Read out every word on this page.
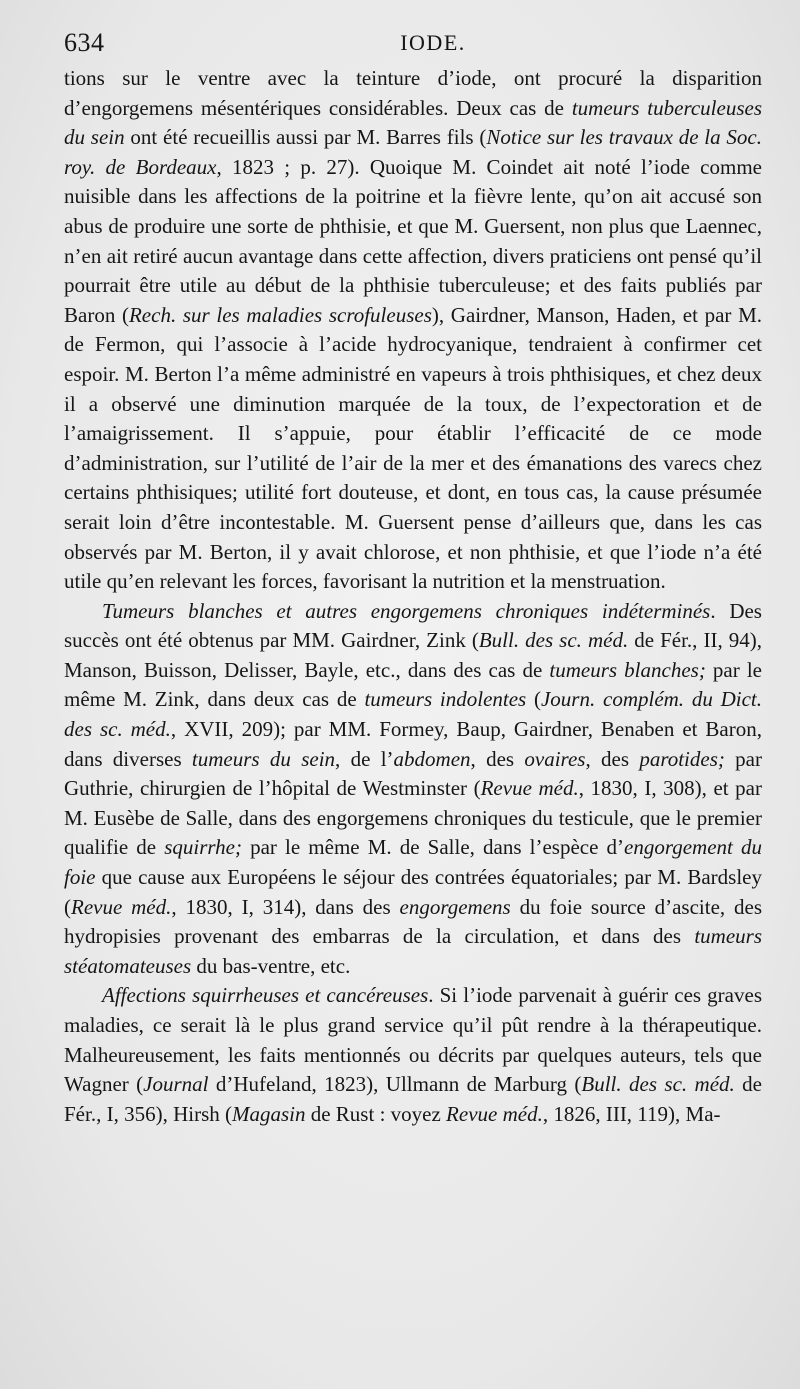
634	IODE.

tions sur le ventre avec la teinture d’iode, ont procuré la disparition d’engorgemens mésentériques considérables. Deux cas de tumeurs tuberculeuses du sein ont été recueillis aussi par M. Barres fils (Notice sur les travaux de la Soc. roy. de Bordeaux, 1823 ; p. 27). Quoique M. Coindet ait noté l’iode comme nuisible dans les affections de la poitrine et la fièvre lente, qu’on ait accusé son abus de produire une sorte de phthisie, et que M. Guersent, non plus que Laennec, n’en ait retiré aucun avantage dans cette affection, divers praticiens ont pensé qu’il pourrait être utile au début de la phthisie tuberculeuse; et des faits publiés par Baron (Rech. sur les maladies scrofuleuses), Gairdner, Manson, Haden, et par M. de Fermon, qui l’associe à l’acide hydrocyanique, tendraient à confirmer cet espoir. M. Berton l’a même administré en vapeurs à trois phthisiques, et chez deux il a observé une diminution marquée de la toux, de l’expectoration et de l’amaigrissement. Il s’appuie, pour établir l’efficacité de ce mode d’administration, sur l’utilité de l’air de la mer et des émanations des varecs chez certains phthisiques; utilité fort douteuse, et dont, en tous cas, la cause présumée serait loin d’être incontestable. M. Guersent pense d’ailleurs que, dans les cas observés par M. Berton, il y avait chlorose, et non phthisie, et que l’iode n’a été utile qu’en relevant les forces, favorisant la nutrition et la menstruation.

Tumeurs blanches et autres engorgemens chroniques indéterminés. Des succès ont été obtenus par MM. Gairdner, Zink (Bull. des sc. méd. de Fér., II, 94), Manson, Buisson, Delisser, Bayle, etc., dans des cas de tumeurs blanches; par le même M. Zink, dans deux cas de tumeurs indolentes (Journ. complém. du Dict. des sc. méd., XVII, 209); par MM. Formey, Baup, Gairdner, Benaben et Baron, dans diverses tumeurs du sein, de l’abdomen, des ovaires, des parotides; par Guthrie, chirurgien de l’hôpital de Westminster (Revue méd., 1830, I, 308), et par M. Eusèbe de Salle, dans des engorgemens chroniques du testicule, que le premier qualifie de squirrhe; par le même M. de Salle, dans l’espèce d’engorgement du foie que cause aux Européens le séjour des contrées équatoriales; par M. Bardsley (Revue méd., 1830, I, 314), dans des engorgemens du foie source d’ascite, des hydropisies provenant des embarras de la circulation, et dans des tumeurs stéatomateuses du bas-ventre, etc.

Affections squirrheuses et cancéreuses. Si l’iode parvenait à guérir ces graves maladies, ce serait là le plus grand service qu’il pût rendre à la thérapeutique. Malheureusement, les faits mentionnés ou décrits par quelques auteurs, tels que Wagner (Journal d’Hufeland, 1823), Ullmann de Marburg (Bull. des sc. méd. de Fér., I, 356), Hirsh (Magasin de Rust : voyez Revue méd., 1826, III, 119), Ma-
